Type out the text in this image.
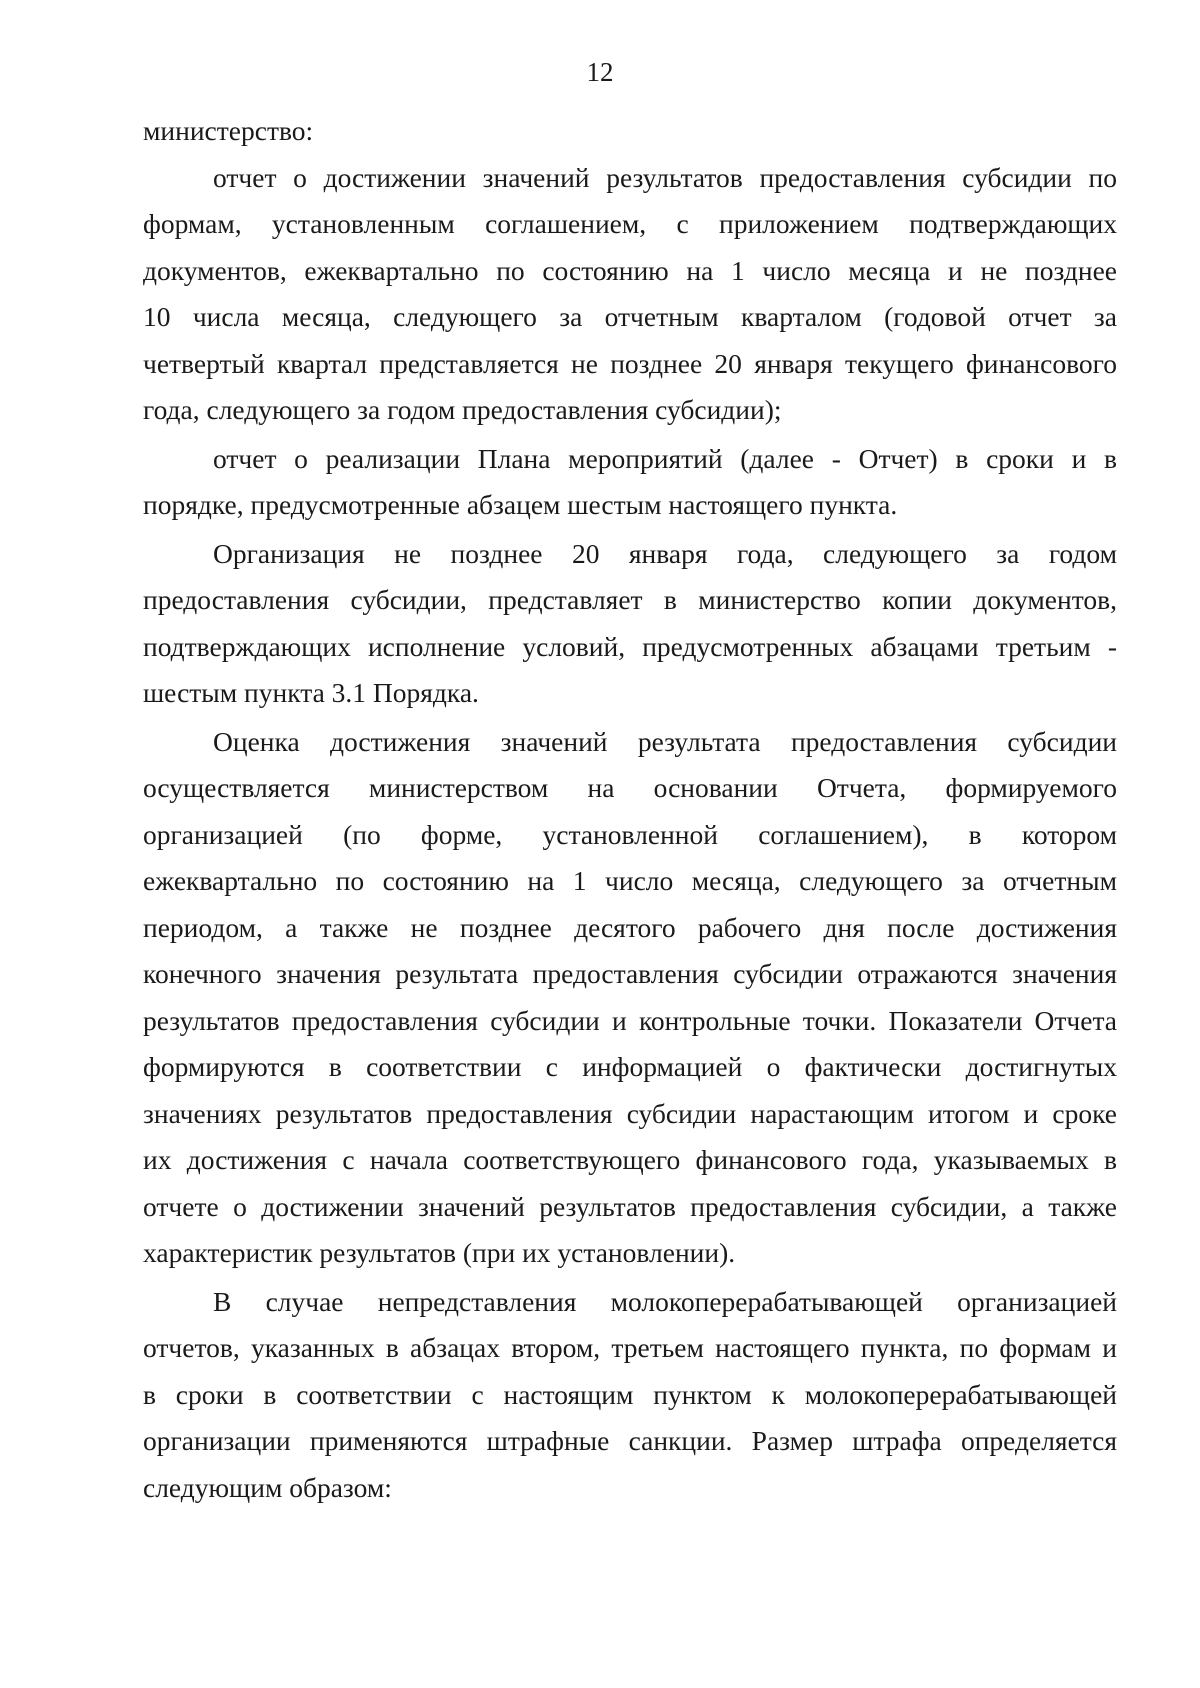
12

министерство:

отчет о достижении значений результатов предоставления субсидии по
формам, установленным соглашением, с приложением подтверждающих
документов, ежеквартально по состоянию на 1 число месяца и не позднее
10 числа месяца, следующего за отчетным кварталом (годовой отчет за
четвертый квартал представляется не позднее 20 января текущего финансового
года, следующего за годом предоставления субсидии);

отчет о реализации Плана мероприятий (далее - Отчет) в сроки и в
порядке, предусмотренные абзацем шестым настоящего пункта.

Организация не позднее 20 января года, следующего за годом
предоставления субсидии, представляет в министерство копии документов,
подтверждающих исполнение условий, предусмотренных абзацами третьим -
шестым пункта 3.1 Порядка.

Оценка достижения значений результата предоставления субсидии
осуществляется министерством на основании Отчета, формируемого
организацией (по форме, установленной соглашением), в котором
ежеквартально по состоянию на 1 число месяца, следующего за отчетным
периодом, а также не позднее десятого рабочего дня после достижения
конечного значения результата предоставления субсидии отражаются значения
результатов предоставления субсидии и контрольные точки. Показатели Отчета
формируются в соответствии с информацией о фактически достигнутых
значениях результатов предоставления субсидии нарастающим итогом и сроке
их достижения с начала соответствующего финансового года, указываемых в
отчете о достижении значений результатов предоставления субсидии, а также
характеристик результатов (при их установлении).

В случае непредставления молокоперерабатывающей организацией
отчетов, указанных в абзацах втором, третьем настоящего пункта, по формам и
в сроки в соответствии с настоящим пунктом к молокоперерабатывающей
организации применяются штрафные санкции. Размер штрафа определяется
следующим образом:
